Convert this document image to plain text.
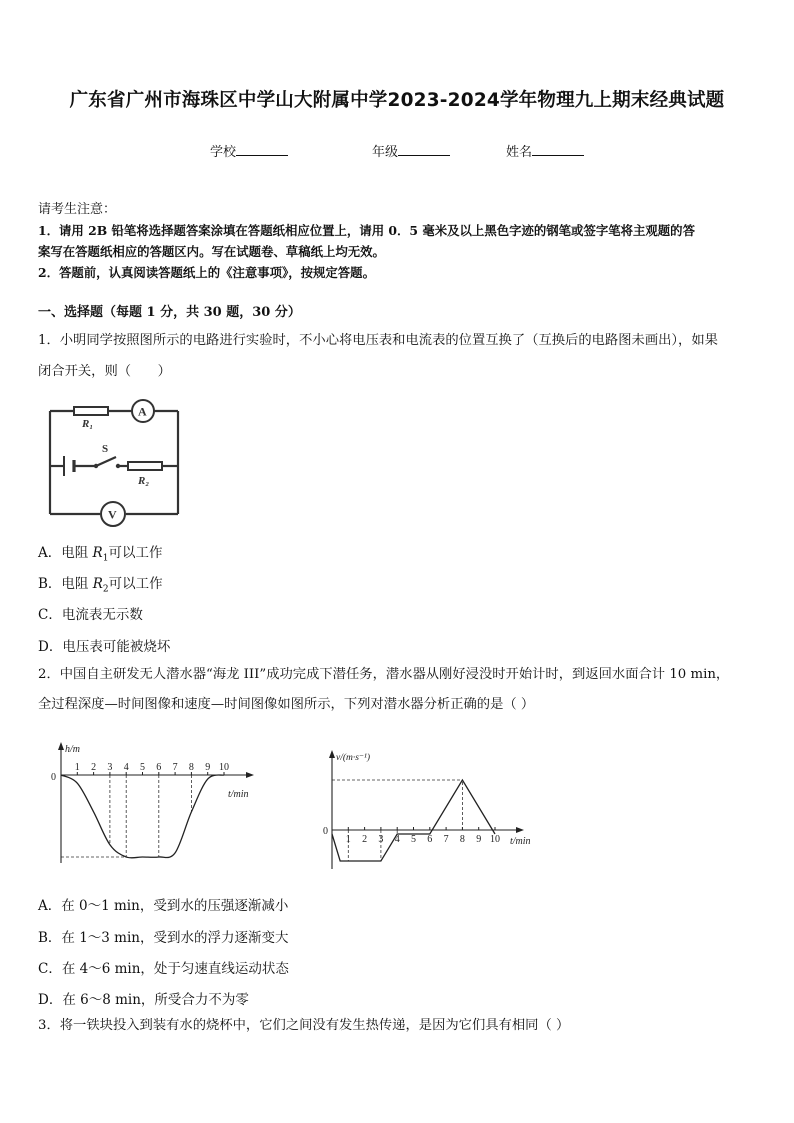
广东省广州市海珠区中学山大附属中学2023-2024学年物理九上期末经典试题
学校	年级	姓名
请考生注意：
1．请用 2B 铅笔将选择题答案涂填在答题纸相应位置上，请用 0．5 毫米及以上黑色字迹的钢笔或签字笔将主观题的答
案写在答题纸相应的答题区内。写在试题卷、草稿纸上均无效。
2．答题前，认真阅读答题纸上的《注意事项》，按规定答题。
一、选择题（每题 1 分，共 30 题，30 分）
1．小明同学按照图所示的电路进行实验时，不小心将电压表和电流表的位置互换了（互换后的电路图未画出），如果
闭合开关，则（　　）
R₁
A
S
R₂
V
A．电阻 $R_1$可以工作
B．电阻 $R_2$可以工作
C．电流表无示数
D．电压表可能被烧坏
2．中国自主研发无人潜水器“海龙 III”成功完成下潜任务，潜水器从刚好浸没时开始计时，到返回水面合计 10 min，
全过程深度—时间图像和速度—时间图像如图所示，下列对潜水器分析正确的是（ ）
1 2 3 4 5 6 7 8 9 10
h/m
t/min
0
1 2 3 4 5 6 7 8 9 10
v/(m·s⁻¹)
t/min
0
A．在 0～1 min，受到水的压强逐渐减小
B．在 1～3 min，受到水的浮力逐渐变大
C．在 4～6 min，处于匀速直线运动状态
D．在 6～8 min，所受合力不为零
3．将一铁块投入到装有水的烧杯中，它们之间没有发生热传递，是因为它们具有相同（ ）
